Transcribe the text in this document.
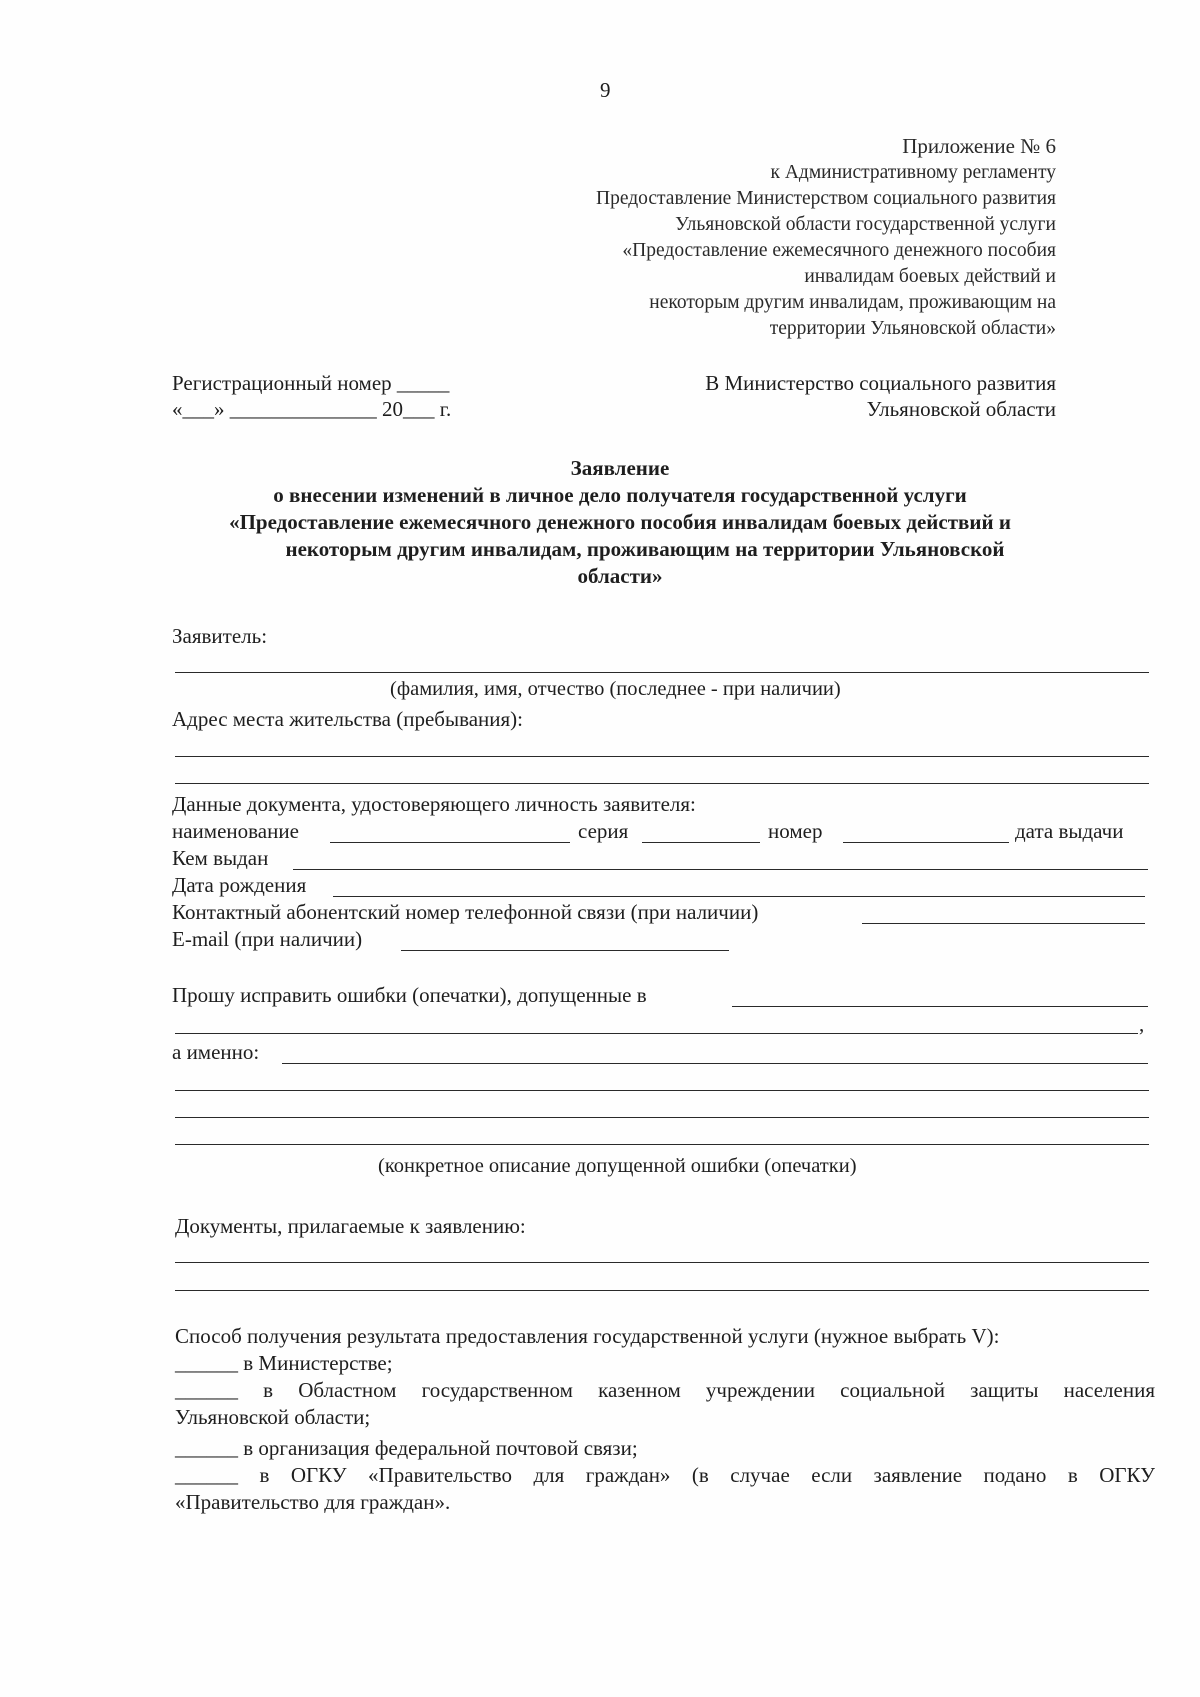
9
Приложение № 6
к Административному регламенту
Предоставление Министерством социального развития
Ульяновской области государственной услуги
«Предоставление ежемесячного денежного пособия
инвалидам боевых действий и
некоторым другим инвалидам, проживающим на
территории Ульяновской области»
Регистрационный номер _____
«___» ______________ 20___ г.
В Министерство социального развития
Ульяновской области
Заявление
о внесении изменений в личное дело получателя государственной услуги
«Предоставление ежемесячного денежного пособия инвалидам боевых действий и
некоторым другим инвалидам, проживающим на территории Ульяновской
области»
Заявитель:
(фамилия, имя, отчество (последнее - при наличии)
Адрес места жительства (пребывания):
Данные документа, удостоверяющего личность заявителя:
наименование	серия	номер	дата выдачи
Кем выдан
Дата рождения
Контактный абонентский номер телефонной связи (при наличии)
E-mail (при наличии)
Прошу исправить ошибки (опечатки), допущенные в
,
а именно:
(конкретное описание допущенной ошибки (опечатки)
Документы, прилагаемые к заявлению:
Способ получения результата предоставления государственной услуги (нужное выбрать V):
______ в Министерстве;
______ в Областном государственном казенном учреждении социальной защиты населения
Ульяновской области;
______ в организация федеральной почтовой связи;
______ в ОГКУ «Правительство для граждан» (в случае если заявление подано в ОГКУ
«Правительство для граждан».
